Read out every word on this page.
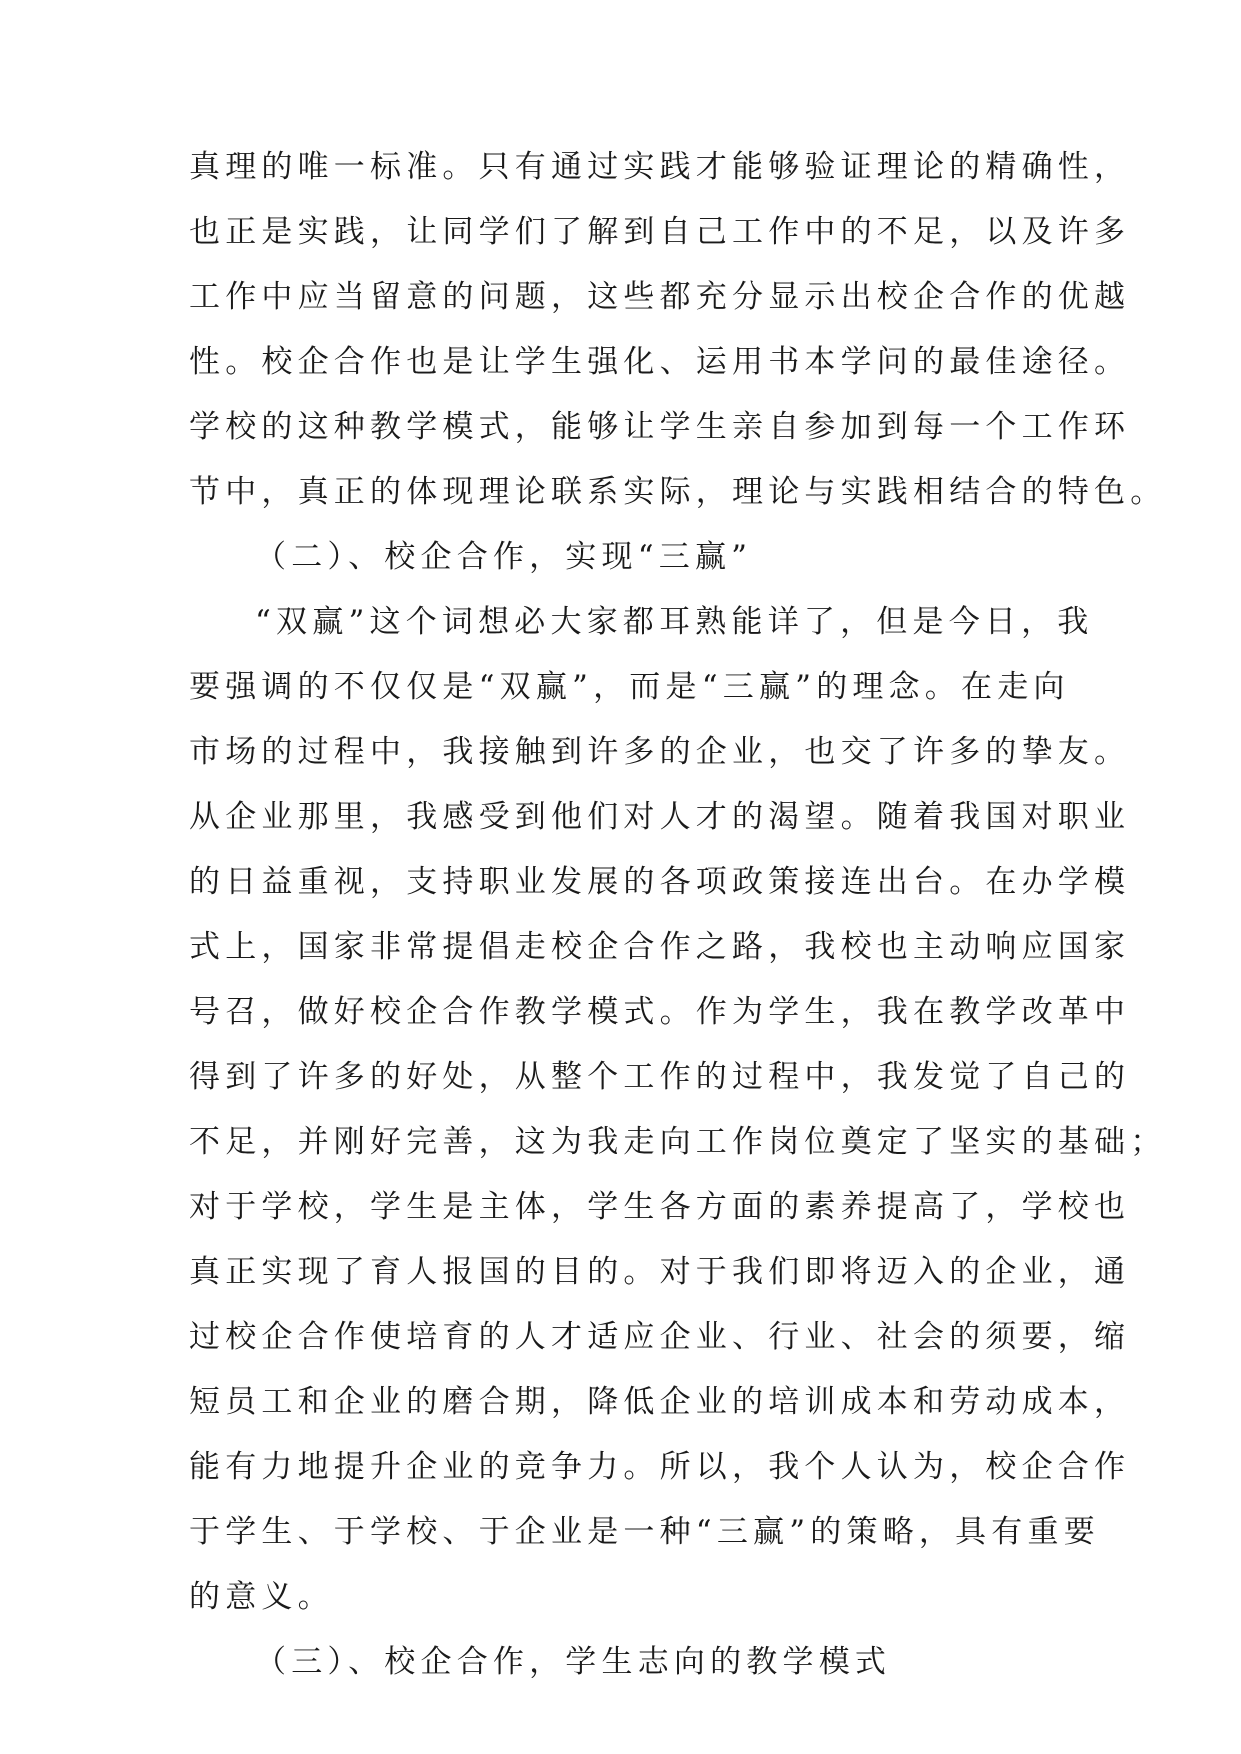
真理的唯一标准。只有通过实践才能够验证理论的精确性，
也正是实践，让同学们了解到自己工作中的不足，以及许多
工作中应当留意的问题，这些都充分显示出校企合作的优越
性。校企合作也是让学生强化、运用书本学问的最佳途径。
学校的这种教学模式，能够让学生亲自参加到每一个工作环
节中，真正的体现理论联系实际，理论与实践相结合的特色。
（二）、校企合作，实现“三赢”
“双赢”这个词想必大家都耳熟能详了，但是今日，我
要强调的不仅仅是“双赢”，而是“三赢”的理念。在走向
市场的过程中，我接触到许多的企业，也交了许多的挚友。
从企业那里，我感受到他们对人才的渴望。随着我国对职业
的日益重视，支持职业发展的各项政策接连出台。在办学模
式上，国家非常提倡走校企合作之路，我校也主动响应国家
号召，做好校企合作教学模式。作为学生，我在教学改革中
得到了许多的好处，从整个工作的过程中，我发觉了自己的
不足，并刚好完善，这为我走向工作岗位奠定了坚实的基础；
对于学校，学生是主体，学生各方面的素养提高了，学校也
真正实现了育人报国的目的。对于我们即将迈入的企业，通
过校企合作使培育的人才适应企业、行业、社会的须要，缩
短员工和企业的磨合期，降低企业的培训成本和劳动成本，
能有力地提升企业的竞争力。所以，我个人认为，校企合作
于学生、于学校、于企业是一种“三赢”的策略，具有重要
的意义。
（三）、校企合作，学生志向的教学模式
